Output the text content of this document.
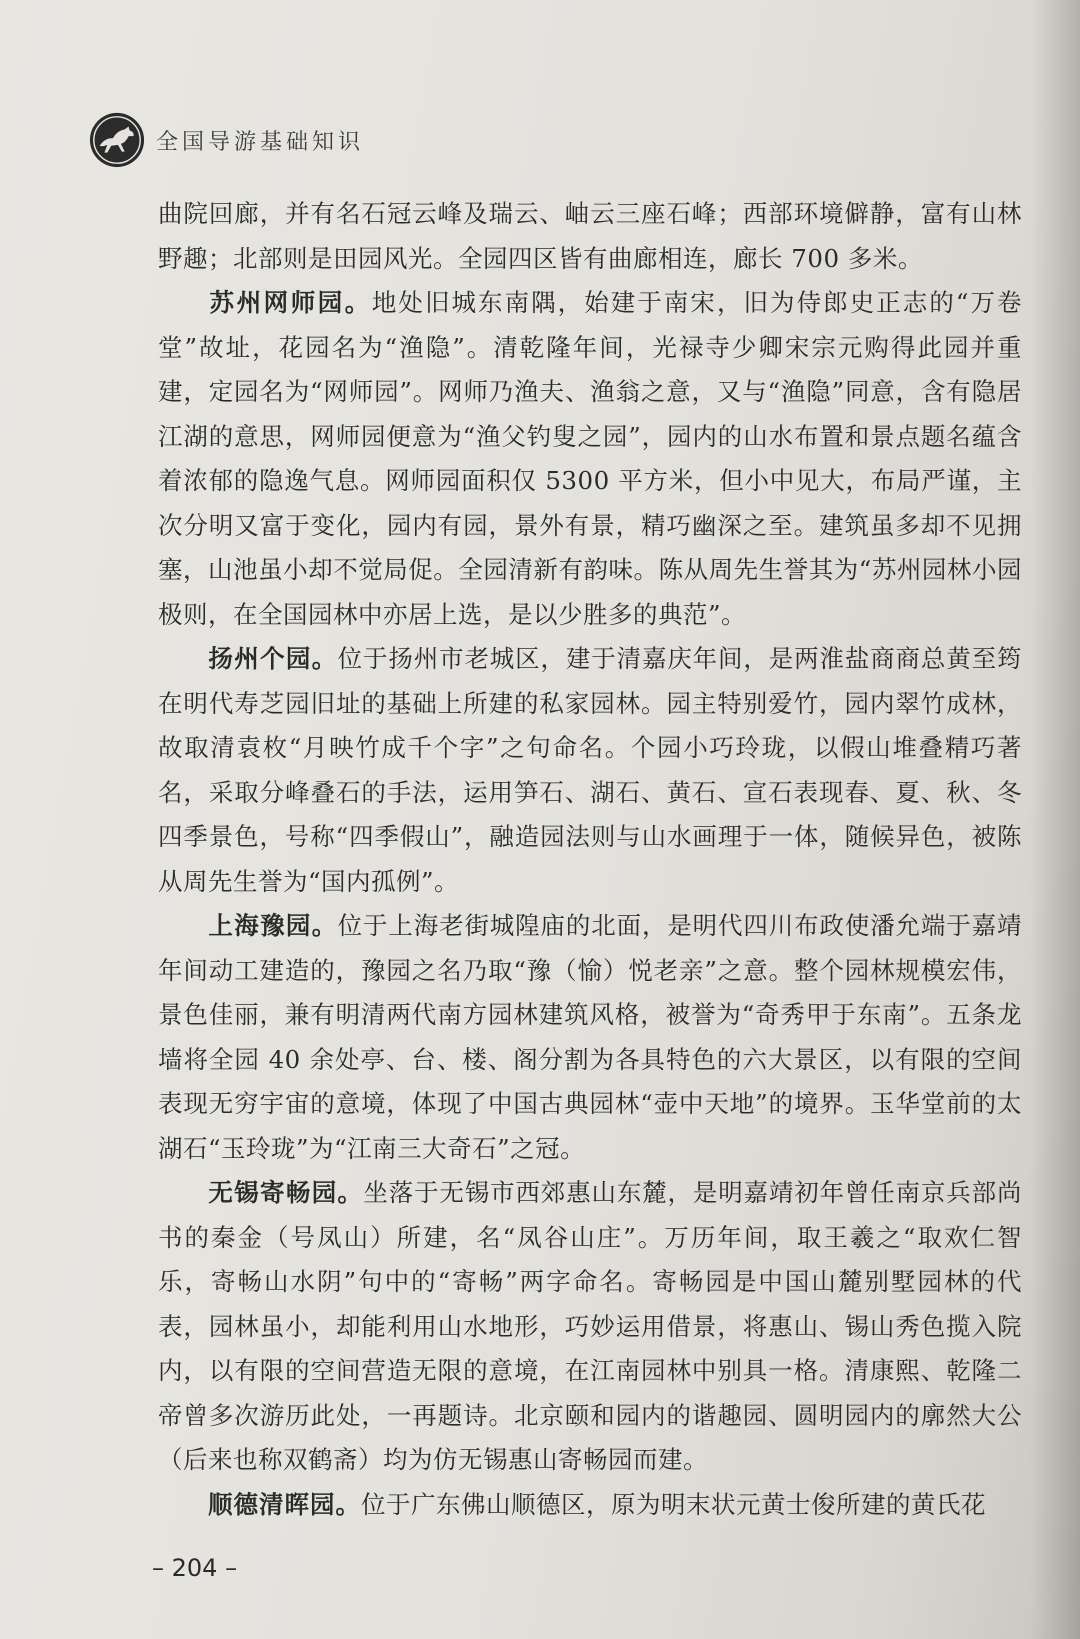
全国导游基础知识

曲院回廊，并有名石冠云峰及瑞云、岫云三座石峰；西部环境僻静，富有山林野趣；北部则是田园风光。全园四区皆有曲廊相连，廊长 700 多米。

苏州网师园。地处旧城东南隅，始建于南宋，旧为侍郎史正志的“万卷堂”故址，花园名为“渔隐”。清乾隆年间，光禄寺少卿宋宗元购得此园并重建，定园名为“网师园”。网师乃渔夫、渔翁之意，又与“渔隐”同意，含有隐居江湖的意思，网师园便意为“渔父钓叟之园”，园内的山水布置和景点题名蕴含着浓郁的隐逸气息。网师园面积仅 5300 平方米，但小中见大，布局严谨，主次分明又富于变化，园内有园，景外有景，精巧幽深之至。建筑虽多却不见拥塞，山池虽小却不觉局促。全园清新有韵味。陈从周先生誉其为“苏州园林小园极则，在全国园林中亦居上选，是以少胜多的典范”。

扬州个园。位于扬州市老城区，建于清嘉庆年间，是两淮盐商商总黄至筠在明代寿芝园旧址的基础上所建的私家园林。园主特别爱竹，园内翠竹成林，故取清袁枚“月映竹成千个字”之句命名。个园小巧玲珑，以假山堆叠精巧著名，采取分峰叠石的手法，运用笋石、湖石、黄石、宣石表现春、夏、秋、冬四季景色，号称“四季假山”，融造园法则与山水画理于一体，随候异色，被陈从周先生誉为“国内孤例”。

上海豫园。位于上海老街城隍庙的北面，是明代四川布政使潘允端于嘉靖年间动工建造的，豫园之名乃取“豫（愉）悦老亲”之意。整个园林规模宏伟，景色佳丽，兼有明清两代南方园林建筑风格，被誉为“奇秀甲于东南”。五条龙墙将全园 40 余处亭、台、楼、阁分割为各具特色的六大景区，以有限的空间表现无穷宇宙的意境，体现了中国古典园林“壶中天地”的境界。玉华堂前的太湖石“玉玲珑”为“江南三大奇石”之冠。

无锡寄畅园。坐落于无锡市西郊惠山东麓，是明嘉靖初年曾任南京兵部尚书的秦金（号凤山）所建，名“凤谷山庄”。万历年间，取王羲之“取欢仁智乐，寄畅山水阴”句中的“寄畅”两字命名。寄畅园是中国山麓别墅园林的代表，园林虽小，却能利用山水地形，巧妙运用借景，将惠山、锡山秀色揽入院内，以有限的空间营造无限的意境，在江南园林中别具一格。清康熙、乾隆二帝曾多次游历此处，一再题诗。北京颐和园内的谐趣园、圆明园内的廓然大公（后来也称双鹤斋）均为仿无锡惠山寄畅园而建。

顺德清晖园。位于广东佛山顺德区，原为明末状元黄士俊所建的黄氏花

– 204 –
